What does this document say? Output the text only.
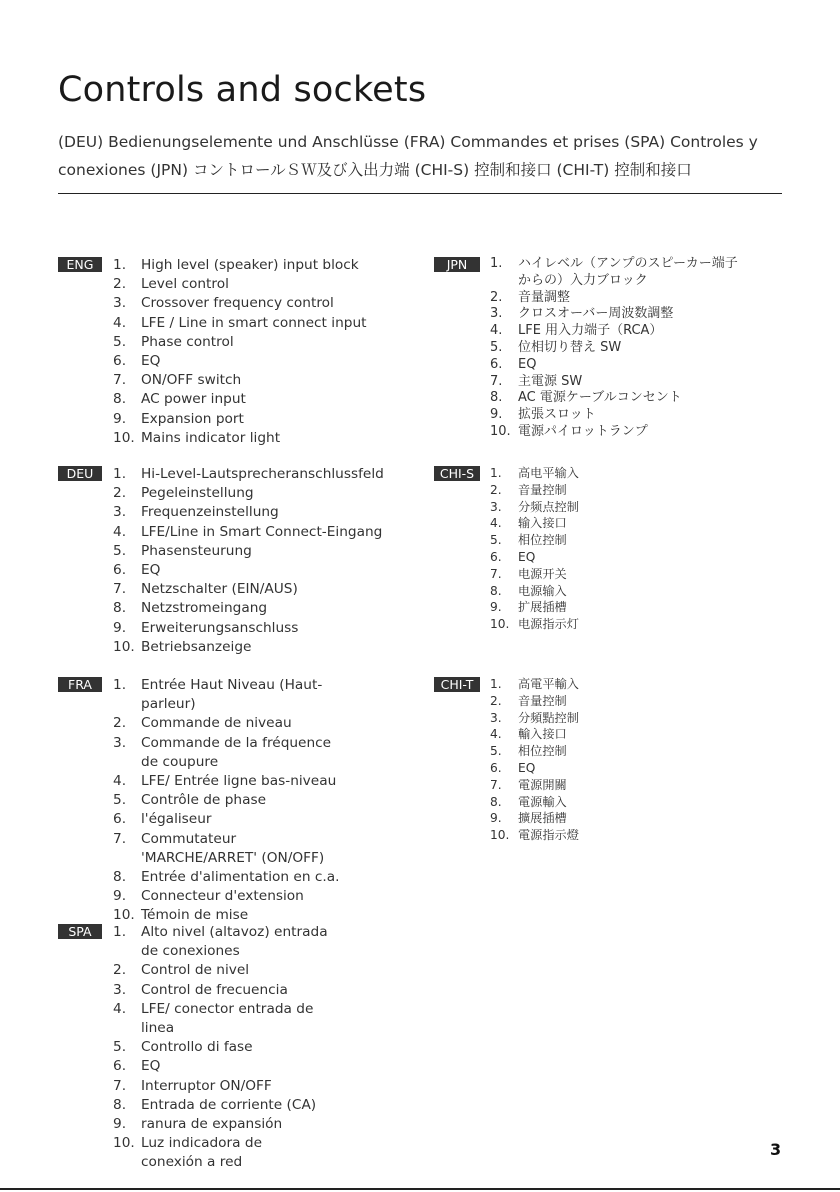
Controls and sockets
(DEU) Bedienungselemente und Anschlüsse (FRA) Commandes et prises (SPA) Controles y
conexiones (JPN) コントロールＳＷ及び入出力端 (CHI-S) 控制和接口 (CHI-T) 控制和接口
ENG	1.	High level (speaker) input block
2.	Level control
3.	Crossover frequency control
4.	LFE / Line in smart connect input
5.	Phase control
6.	EQ
7.	ON/OFF switch
8.	AC power input
9.	Expansion port
10. Mains indicator light
DEU	1.	Hi-Level-Lautsprecheranschlussfeld
2.	Pegeleinstellung
3.	Frequenzeinstellung
4.	LFE/Line in Smart Connect-Eingang
5.	Phasensteurung
6.	EQ
7.	Netzschalter (EIN/AUS)
8.	Netzstromeingang
9.	Erweiterungsanschluss
10. Betriebsanzeige
FRA	1.	Entrée Haut Niveau (Haut-parleur)
2.	Commande de niveau
3.	Commande de la fréquence de coupure
4.	LFE/ Entrée ligne bas-niveau
5.	Contrôle de phase
6.	l'égaliseur
7.	Commutateur 'MARCHE/ARRET' (ON/OFF)
8.	Entrée d'alimentation en c.a.
9.	Connecteur d'extension
10. Témoin de mise
SPA	1.	Alto nivel (altavoz) entrada de conexiones
2.	Control de nivel
3.	Control de frecuencia
4.	LFE/ conector entrada de linea
5.	Controllo di fase
6.	EQ
7.	Interruptor ON/OFF
8.	Entrada de corriente (CA)
9.	ranura de expansión
10. Luz indicadora de conexión a red
JPN	1.	ハイレベル（アンプのスピーカー端子からの）入力ブロック
2.	音量調整
3.	クロスオーバー周波数調整
4.	LFE 用入力端子（RCA）
5.	位相切り替え SW
6.	EQ
7.	主電源 SW
8.	AC 電源ケーブルコンセント
9.	拡張スロット
10. 電源パイロットランプ
CHI-S	1.	高电平输入
2.	音量控制
3.	分频点控制
4.	输入接口
5.	相位控制
6.	EQ
7.	电源开关
8.	电源输入
9.	扩展插槽
10. 电源指示灯
CHI-T	1.	高電平輸入
2.	音量控制
3.	分頻點控制
4.	輸入接口
5.	相位控制
6.	EQ
7.	電源開關
8.	電源輸入
9.	擴展插槽
10. 電源指示燈
3
